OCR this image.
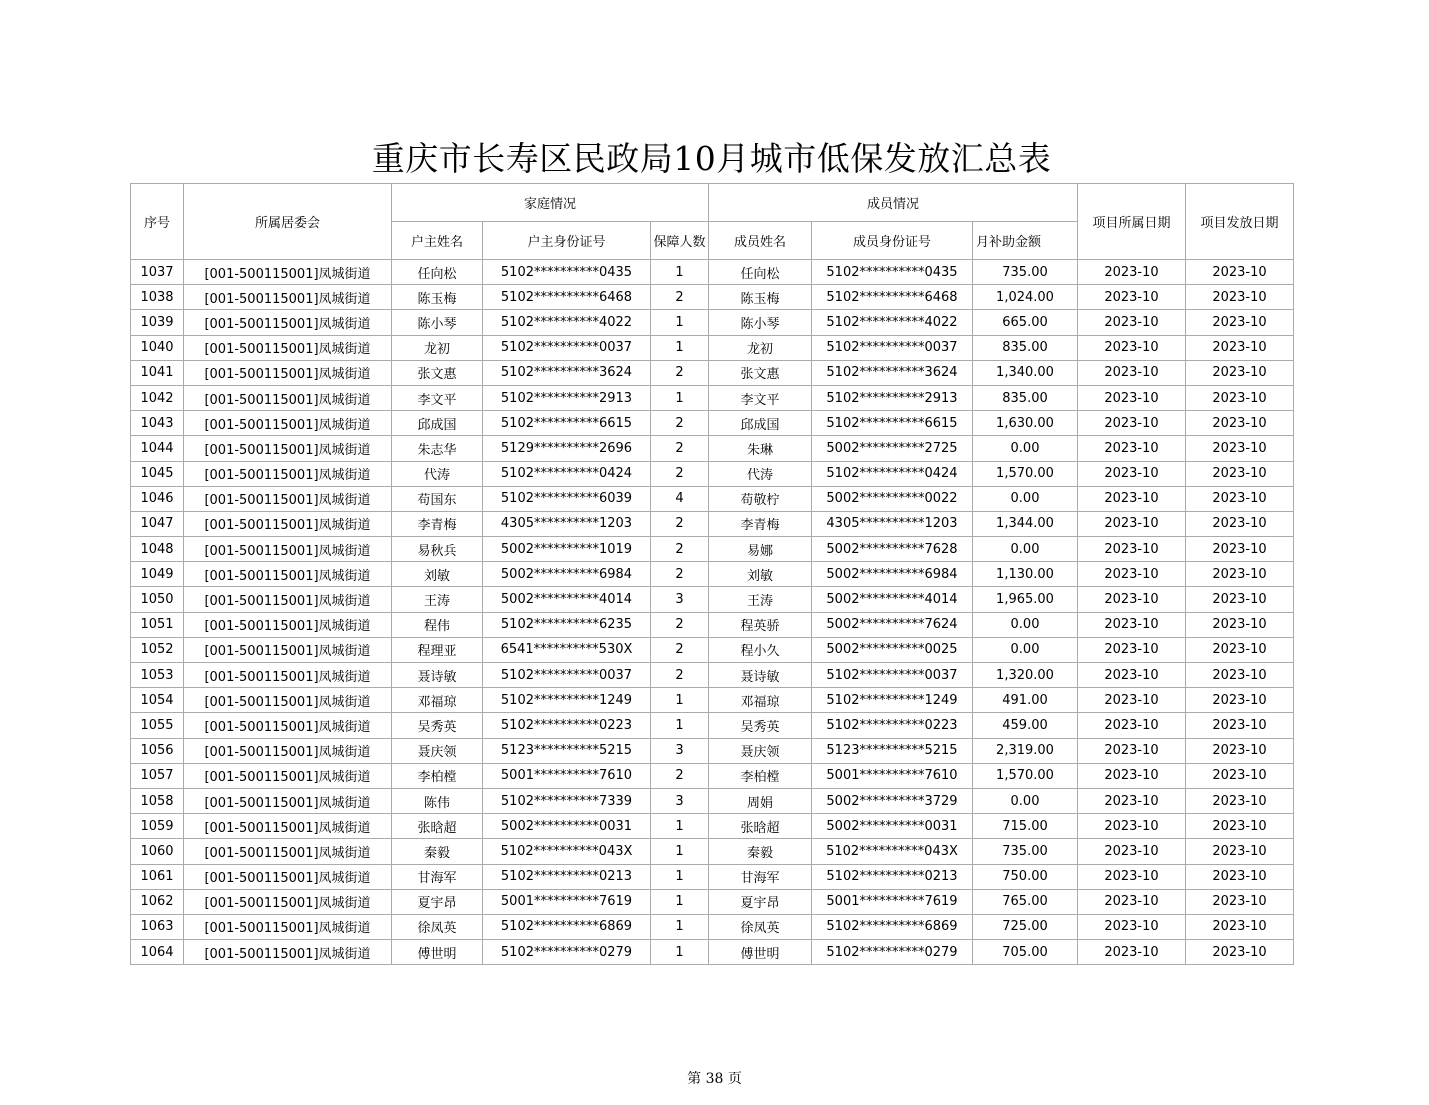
重庆市长寿区民政局10月城市低保发放汇总表
序号	所属居委会	家庭情况			成员情况			项目所属日期	项目发放日期
		户主姓名	户主身份证号	保障人数	成员姓名	成员身份证号	月补助金额		
1037	[001-500115001]凤城街道	任向松	5102**********0435	1	任向松	5102**********0435	735.00	2023-10	2023-10
1038	[001-500115001]凤城街道	陈玉梅	5102**********6468	2	陈玉梅	5102**********6468	1,024.00	2023-10	2023-10
1039	[001-500115001]凤城街道	陈小琴	5102**********4022	1	陈小琴	5102**********4022	665.00	2023-10	2023-10
1040	[001-500115001]凤城街道	龙初	5102**********0037	1	龙初	5102**********0037	835.00	2023-10	2023-10
1041	[001-500115001]凤城街道	张文惠	5102**********3624	2	张文惠	5102**********3624	1,340.00	2023-10	2023-10
1042	[001-500115001]凤城街道	李文平	5102**********2913	1	李文平	5102**********2913	835.00	2023-10	2023-10
1043	[001-500115001]凤城街道	邱成国	5102**********6615	2	邱成国	5102**********6615	1,630.00	2023-10	2023-10
1044	[001-500115001]凤城街道	朱志华	5129**********2696	2	朱琳	5002**********2725	0.00	2023-10	2023-10
1045	[001-500115001]凤城街道	代涛	5102**********0424	2	代涛	5102**********0424	1,570.00	2023-10	2023-10
1046	[001-500115001]凤城街道	苟国东	5102**********6039	4	苟敬柠	5002**********0022	0.00	2023-10	2023-10
1047	[001-500115001]凤城街道	李青梅	4305**********1203	2	李青梅	4305**********1203	1,344.00	2023-10	2023-10
1048	[001-500115001]凤城街道	易秋兵	5002**********1019	2	易娜	5002**********7628	0.00	2023-10	2023-10
1049	[001-500115001]凤城街道	刘敏	5002**********6984	2	刘敏	5002**********6984	1,130.00	2023-10	2023-10
1050	[001-500115001]凤城街道	王涛	5002**********4014	3	王涛	5002**********4014	1,965.00	2023-10	2023-10
1051	[001-500115001]凤城街道	程伟	5102**********6235	2	程英骄	5002**********7624	0.00	2023-10	2023-10
1052	[001-500115001]凤城街道	程理亚	6541**********530X	2	程小久	5002**********0025	0.00	2023-10	2023-10
1053	[001-500115001]凤城街道	聂诗敏	5102**********0037	2	聂诗敏	5102**********0037	1,320.00	2023-10	2023-10
1054	[001-500115001]凤城街道	邓福琼	5102**********1249	1	邓福琼	5102**********1249	491.00	2023-10	2023-10
1055	[001-500115001]凤城街道	吴秀英	5102**********0223	1	吴秀英	5102**********0223	459.00	2023-10	2023-10
1056	[001-500115001]凤城街道	聂庆领	5123**********5215	3	聂庆领	5123**********5215	2,319.00	2023-10	2023-10
1057	[001-500115001]凤城街道	李柏樘	5001**********7610	2	李柏樘	5001**********7610	1,570.00	2023-10	2023-10
1058	[001-500115001]凤城街道	陈伟	5102**********7339	3	周娟	5002**********3729	0.00	2023-10	2023-10
1059	[001-500115001]凤城街道	张晗超	5002**********0031	1	张晗超	5002**********0031	715.00	2023-10	2023-10
1060	[001-500115001]凤城街道	秦毅	5102**********043X	1	秦毅	5102**********043X	735.00	2023-10	2023-10
1061	[001-500115001]凤城街道	甘海军	5102**********0213	1	甘海军	5102**********0213	750.00	2023-10	2023-10
1062	[001-500115001]凤城街道	夏宇昂	5001**********7619	1	夏宇昂	5001**********7619	765.00	2023-10	2023-10
1063	[001-500115001]凤城街道	徐凤英	5102**********6869	1	徐凤英	5102**********6869	725.00	2023-10	2023-10
1064	[001-500115001]凤城街道	傅世明	5102**********0279	1	傅世明	5102**********0279	705.00	2023-10	2023-10
第 38 页
